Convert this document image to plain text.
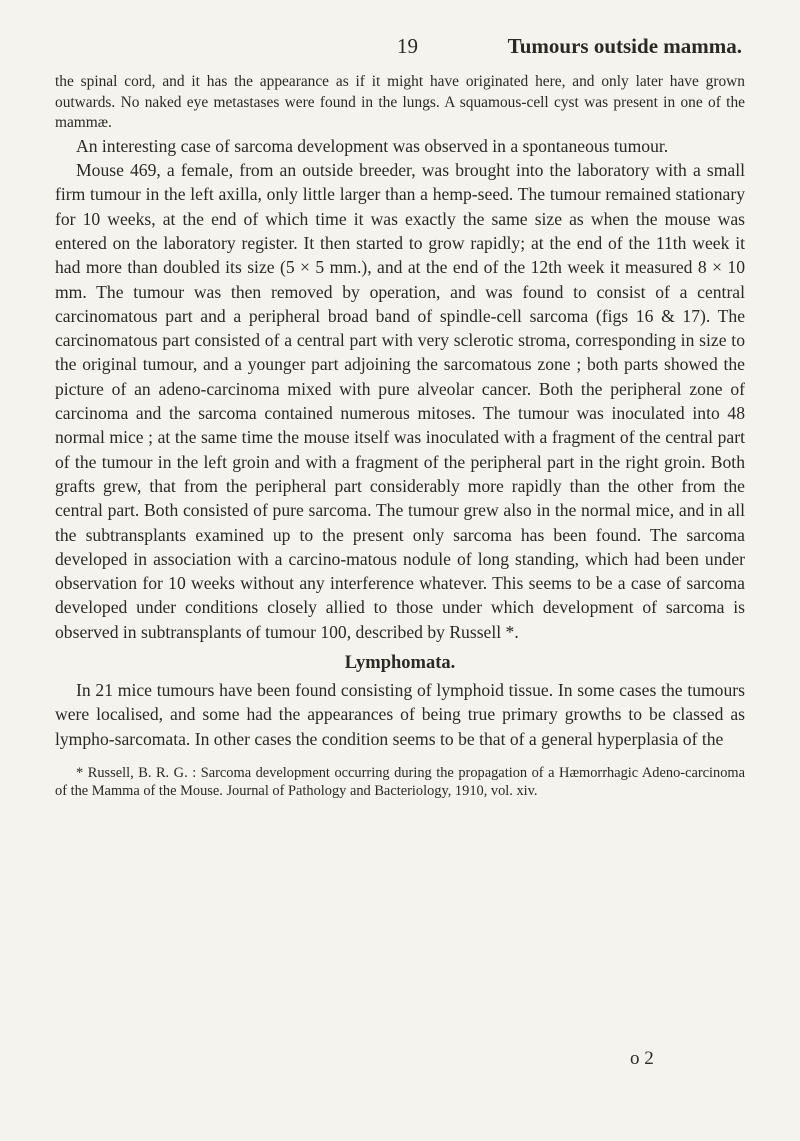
19	Tumours outside mamma.

the spinal cord, and it has the appearance as if it might have originated here, and only later have grown outwards. No naked eye metastases were found in the lungs. A squamous-cell cyst was present in one of the mammæ.

An interesting case of sarcoma development was observed in a spontaneous tumour.

Mouse 469, a female, from an outside breeder, was brought into the laboratory with a small firm tumour in the left axilla, only little larger than a hemp-seed. The tumour remained stationary for 10 weeks, at the end of which time it was exactly the same size as when the mouse was entered on the laboratory register. It then started to grow rapidly; at the end of the 11th week it had more than doubled its size (5 × 5 mm.), and at the end of the 12th week it measured 8 × 10 mm. The tumour was then removed by operation, and was found to consist of a central carcinomatous part and a peripheral broad band of spindle-cell sarcoma (figs 16 & 17). The carcinomatous part consisted of a central part with very sclerotic stroma, corresponding in size to the original tumour, and a younger part adjoining the sarcomatous zone ; both parts showed the picture of an adeno-carcinoma mixed with pure alveolar cancer. Both the peripheral zone of carcinoma and the sarcoma contained numerous mitoses. The tumour was inoculated into 48 normal mice ; at the same time the mouse itself was inoculated with a fragment of the central part of the tumour in the left groin and with a fragment of the peripheral part in the right groin. Both grafts grew, that from the peripheral part considerably more rapidly than the other from the central part. Both consisted of pure sarcoma. The tumour grew also in the normal mice, and in all the subtransplants examined up to the present only sarcoma has been found. The sarcoma developed in association with a carcino-matous nodule of long standing, which had been under observation for 10 weeks without any interference whatever. This seems to be a case of sarcoma developed under conditions closely allied to those under which development of sarcoma is observed in subtransplants of tumour 100, described by Russell *.

Lymphomata.

In 21 mice tumours have been found consisting of lymphoid tissue. In some cases the tumours were localised, and some had the appearances of being true primary growths to be classed as lympho-sarcomata. In other cases the condition seems to be that of a general hyperplasia of the

* Russell, B. R. G. : Sarcoma development occurring during the propagation of a Hæmorrhagic Adeno-carcinoma of the Mamma of the Mouse. Journal of Pathology and Bacteriology, 1910, vol. xiv.

o 2
